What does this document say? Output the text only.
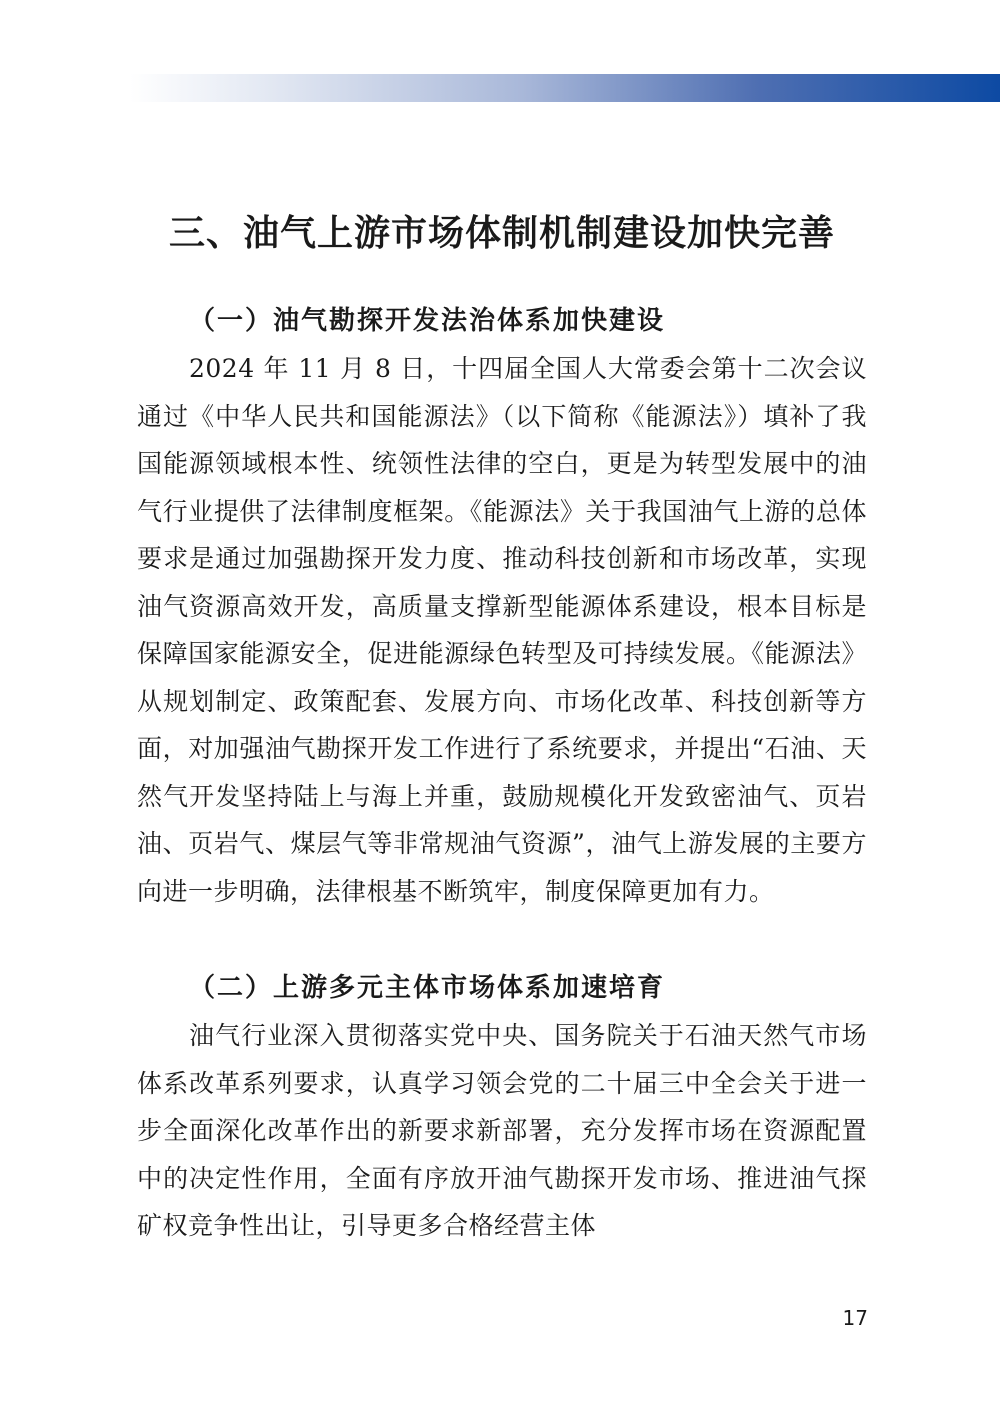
三、油气上游市场体制机制建设加快完善
（一）油气勘探开发法治体系加快建设

2024 年 11 月 8 日，十四届全国人大常委会第十二次会议通过《中华人民共和国能源法》（以下简称《能源法》）填补了我国能源领域根本性、统领性法律的空白，更是为转型发展中的油气行业提供了法律制度框架。《能源法》关于我国油气上游的总体要求是通过加强勘探开发力度、推动科技创新和市场改革，实现油气资源高效开发，高质量支撑新型能源体系建设，根本目标是保障国家能源安全，促进能源绿色转型及可持续发展。《能源法》从规划制定、政策配套、发展方向、市场化改革、科技创新等方面，对加强油气勘探开发工作进行了系统要求，并提出“石油、天然气开发坚持陆上与海上并重，鼓励规模化开发致密油气、页岩油、页岩气、煤层气等非常规油气资源”，油气上游发展的主要方向进一步明确，法律根基不断筑牢，制度保障更加有力。

（二）上游多元主体市场体系加速培育

油气行业深入贯彻落实党中央、国务院关于石油天然气市场体系改革系列要求，认真学习领会党的二十届三中全会关于进一步全面深化改革作出的新要求新部署，充分发挥市场在资源配置中的决定性作用，全面有序放开油气勘探开发市场、推进油气探矿权竞争性出让，引导更多合格经营主体

17
